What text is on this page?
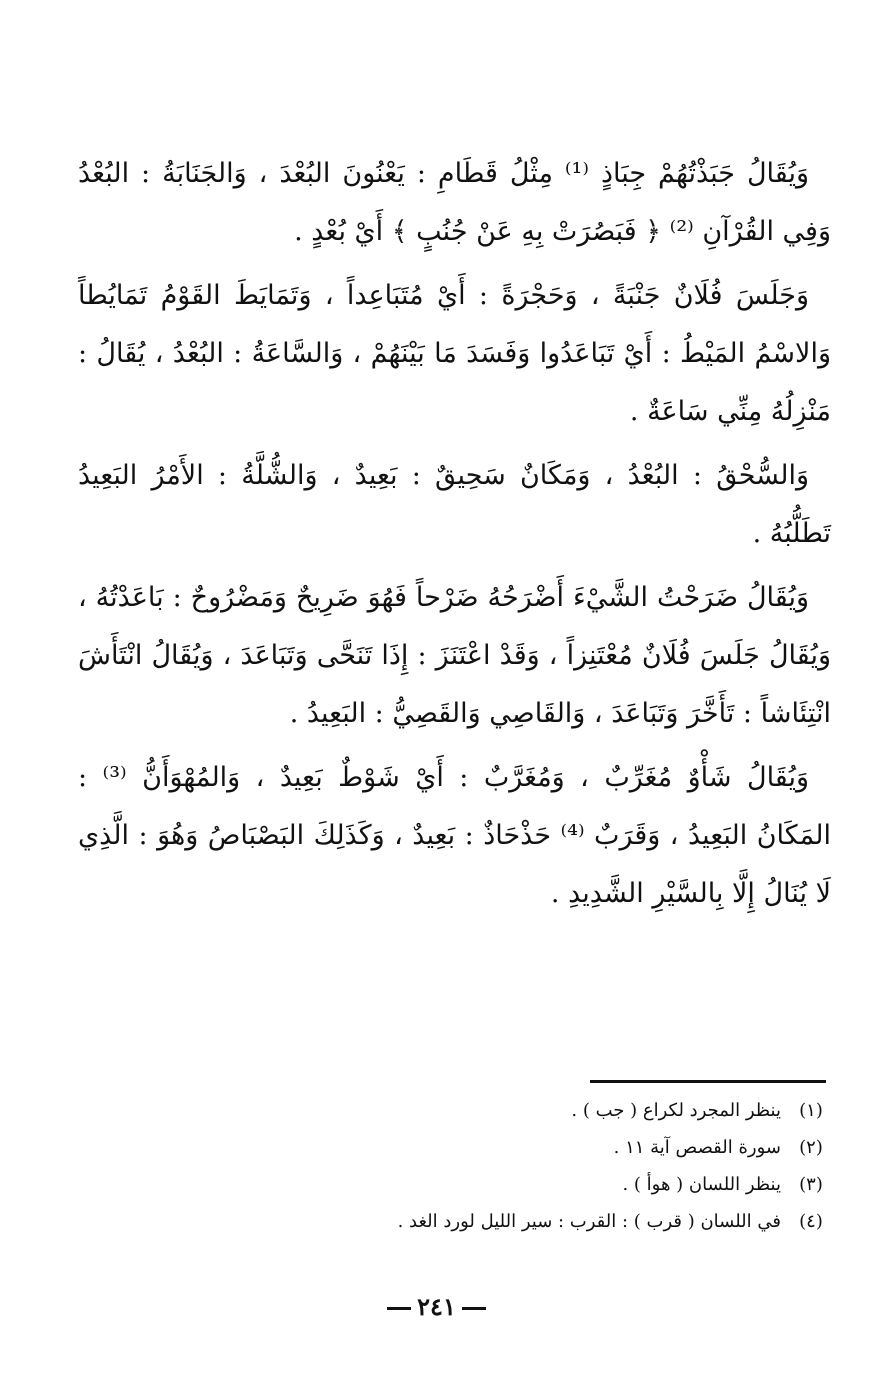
وَيُقَالُ جَبَذْتُهُمْ جِبَاذٍ ⁽¹⁾ مِثْلُ قَطَامِ : يَعْنُونَ البُعْدَ ، وَالجَنَابَةُ : البُعْدُ وَفِي القُرْآنِ ⁽²⁾ ﴿ فَبَصُرَتْ بِهِ عَنْ جُنُبٍ ﴾ أَيْ بُعْدٍ .

وَجَلَسَ فُلَانٌ جَنْبَةً ، وَحَجْرَةً : أَيْ مُتَبَاعِداً ، وَتَمَايَطَ القَوْمُ تَمَايُطاً وَالاسْمُ المَيْطُ : أَيْ تَبَاعَدُوا وَفَسَدَ مَا بَيْنَهُمْ ، وَالسَّاعَةُ : البُعْدُ ، يُقَالُ : مَنْزِلُهُ مِنِّي سَاعَةٌ .

وَالسُّحْقُ : البُعْدُ ، وَمَكَانٌ سَحِيقٌ : بَعِيدٌ ، وَالشُّلَّةُ : الأَمْرُ البَعِيدُ تَطَلُّبُهُ .

وَيُقَالُ ضَرَحْتُ الشَّيْءَ أَضْرَحُهُ ضَرْحاً فَهُوَ ضَرِيحٌ وَمَضْرُوحٌ : بَاعَدْتُهُ ، وَيُقَالُ جَلَسَ فُلَانٌ مُعْتَنِزاً ، وَقَدْ اعْتَنَزَ : إِذَا تَنَحَّى وَتَبَاعَدَ ، وَيُقَالُ انْتَأَشَ انْتِئَاشاً : تَأَخَّرَ وَتَبَاعَدَ ، وَالقَاصِي وَالقَصِيُّ : البَعِيدُ .

وَيُقَالُ شَأْوٌ مُغَرِّبٌ ، وَمُغَرَّبٌ : أَيْ شَوْطٌ بَعِيدٌ ، وَالمُهْوَأَنُّ ⁽³⁾ : المَكَانُ البَعِيدُ ، وَقَرَبٌ ⁽⁴⁾ حَذْحَاذٌ : بَعِيدٌ ، وَكَذَلِكَ البَصْبَاصُ وَهُوَ : الَّذِي لَا يُنَالُ إِلَّا بِالسَّيْرِ الشَّدِيدِ .

(١)ينظر المجرد لكراع ( جب ) .
(٢)سورة القصص آية ١١ .
(٣)ينظر اللسان ( هوأ ) .
(٤)في اللسان ( قرب ) : القرب : سير الليل لورد الغد .
٢٤١
